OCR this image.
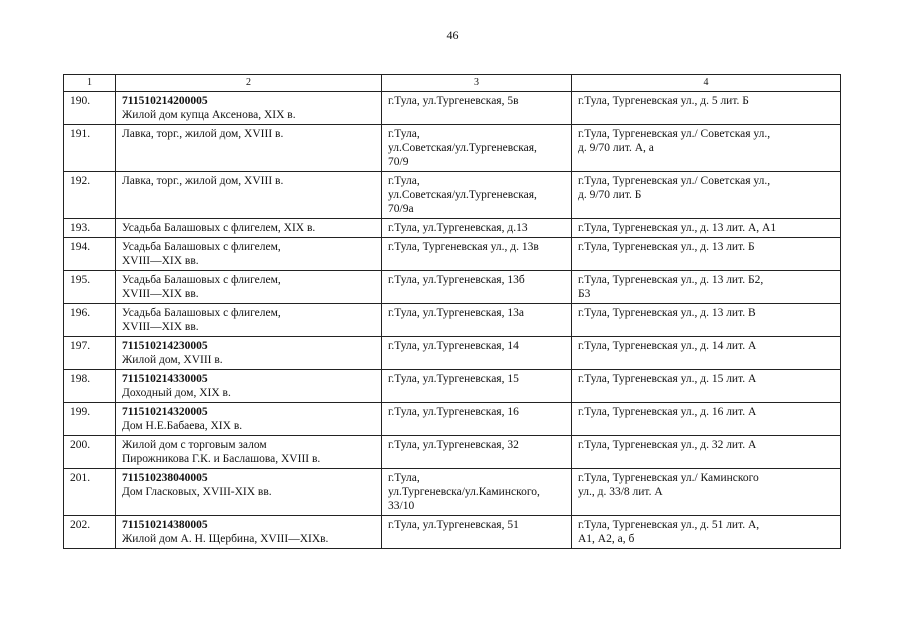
46
1	2	3	4
190.	711510214200005
Жилой дом купца Аксенова, XIX в.	г.Тула, ул.Тургеневская, 5в	г.Тула, Тургеневская ул., д. 5 лит. Б
191.	Лавка, торг., жилой дом, XVIII в.	г.Тула,
ул.Советская/ул.Тургеневская,
70/9	г.Тула, Тургеневская ул./ Советская ул.,
д. 9/70 лит. А, а
192.	Лавка, торг., жилой дом, XVIII в.	г.Тула,
ул.Советская/ул.Тургеневская,
70/9а	г.Тула, Тургеневская ул./ Советская ул.,
д. 9/70 лит. Б
193.	Усадьба Балашовых с флигелем, XIX в.	г.Тула, ул.Тургеневская, д.13	г.Тула, Тургеневская ул., д. 13 лит. А, А1
194.	Усадьба Балашовых с флигелем,
XVIII—XIX вв.	г.Тула, Тургеневская ул., д. 13в	г.Тула, Тургеневская ул., д. 13 лит. Б
195.	Усадьба Балашовых с флигелем,
XVIII—XIX вв.	г.Тула, ул.Тургеневская, 13б	г.Тула, Тургеневская ул., д. 13 лит. Б2,
Б3
196.	Усадьба Балашовых с флигелем,
XVIII—XIX вв.	г.Тула, ул.Тургеневская, 13а	г.Тула, Тургеневская ул., д. 13 лит. В
197.	711510214230005
Жилой дом, XVIII в.	г.Тула, ул.Тургеневская, 14	г.Тула, Тургеневская ул., д. 14 лит. А
198.	711510214330005
Доходный дом, XIX в.	г.Тула, ул.Тургеневская, 15	г.Тула, Тургеневская ул., д. 15 лит. А
199.	711510214320005
Дом Н.Е.Бабаева, XIX в.	г.Тула, ул.Тургеневская, 16	г.Тула, Тургеневская ул., д. 16 лит. А
200.	Жилой дом с торговым залом
Пирожникова Г.К. и Баслашова, XVIII в.	г.Тула, ул.Тургеневская, 32	г.Тула, Тургеневская ул., д. 32 лит. А
201.	711510238040005
Дом Гласковых, XVIII-XIX вв.	г.Тула,
ул.Тургеневска/ул.Каминского,
33/10	г.Тула, Тургеневская ул./ Каминского
ул., д. 33/8 лит. А
202.	711510214380005
Жилой дом А. Н. Щербина, XVIII—XIXв.	г.Тула, ул.Тургеневская, 51	г.Тула, Тургеневская ул., д. 51 лит. А,
А1, А2, а, б
